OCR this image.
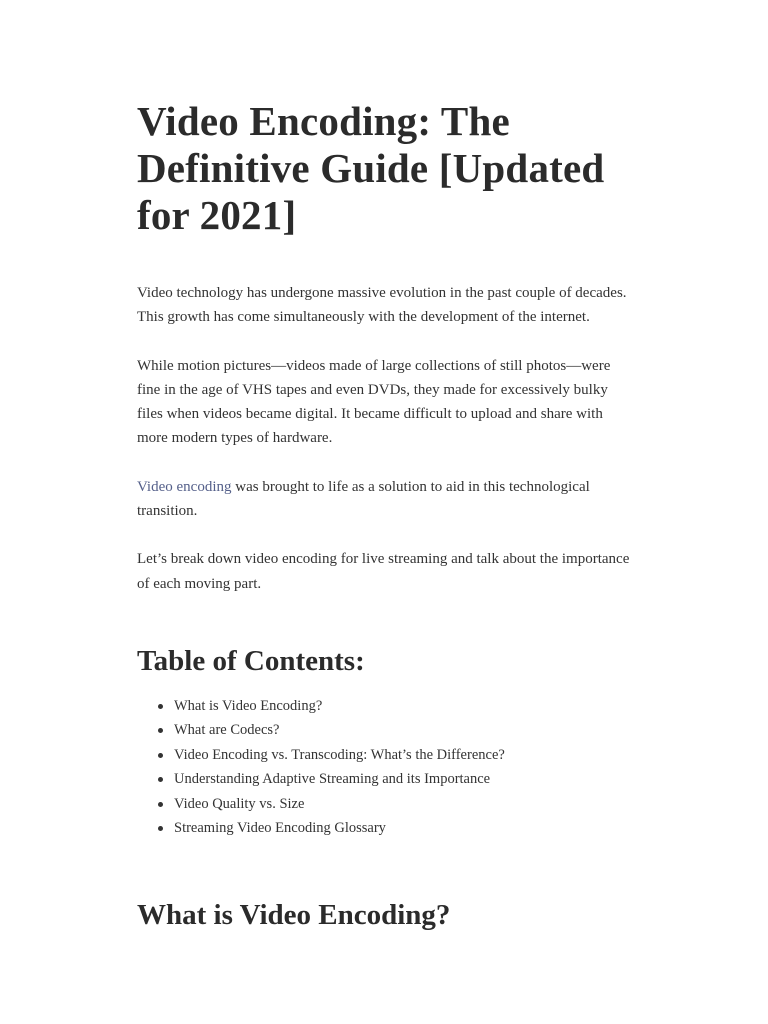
Video Encoding: The Definitive Guide [Updated for 2021]

Video technology has undergone massive evolution in the past couple of decades. This growth has come simultaneously with the development of the internet.

While motion pictures—videos made of large collections of still photos—were fine in the age of VHS tapes and even DVDs, they made for excessively bulky files when videos became digital. It became difficult to upload and share with more modern types of hardware.

Video encoding was brought to life as a solution to aid in this technological transition.

Let’s break down video encoding for live streaming and talk about the importance of each moving part.

Table of Contents:
What is Video Encoding?
What are Codecs?
Video Encoding vs. Transcoding: What’s the Difference?
Understanding Adaptive Streaming and its Importance
Video Quality vs. Size
Streaming Video Encoding Glossary
What is Video Encoding?
